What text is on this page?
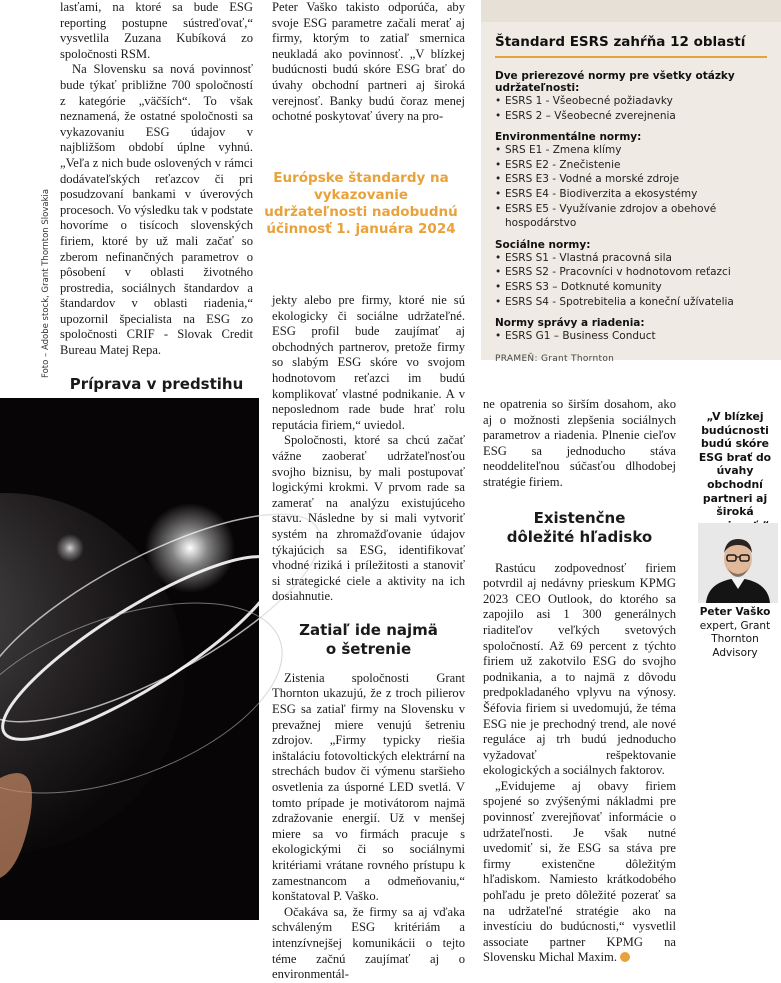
Foto – Adobe stock, Grant Thornton Slovakia

lasťami, na ktoré sa bude ESG reporting postupne sústreďovať,“ vysvetlila Zuzana Kubíková zo spoločnosti RSM.

Na Slovensku sa nová povinnosť bude týkať približne 700 spoločností z kategórie „väčších“. To však neznamená, že ostatné spoločnosti sa vykazovaniu ESG údajov v najbližšom období úplne vyhnú. „Veľa z nich bude oslovených v rámci dodávateľských reťazcov či pri posudzovaní bankami v úverových procesoch. Vo výsledku tak v podstate hovoríme o tisícoch slovenských firiem, ktoré by už mali začať so zberom nefinančných parametrov o pôsobení v oblasti životného prostredia, sociálnych štandardov a štandardov v oblasti riadenia,“ upozornil špecialista na ESG zo spoločnosti CRIF - Slovak Credit Bureau Matej Repa.

Príprava v predstihu

Peter Vaško takisto odporúča, aby svoje ESG parametre začali merať aj firmy, ktorým to zatiaľ smernica neukladá ako povinnosť. „V blízkej budúcnosti budú skóre ESG brať do úvahy obchodní partneri aj široká verejnosť. Banky budú čoraz menej ochotné poskytovať úvery na pro-

Európske štandardy na vykazovanie udržateľnosti nadobudnú účinnosť 1. januára 2024

jekty alebo pre firmy, ktoré nie sú ekologicky či sociálne udržateľné. ESG profil bude zaujímať aj obchodných partnerov, pretože firmy so slabým ESG skóre vo svojom hodnotovom reťazci im budú komplikovať vlastné podnikanie. A v neposlednom rade bude hrať rolu reputácia firiem,“ uviedol.

Spoločnosti, ktoré sa chcú začať vážne zaoberať udržateľnosťou svojho biznisu, by mali postupovať logickými krokmi. V prvom rade sa zamerať na analýzu existujúceho stavu. Následne by si mali vytvoriť systém na zhromažďovanie údajov týkajúcich sa ESG, identifikovať vhodné riziká i príležitosti a stanoviť si strategické ciele a aktivity na ich dosiahnutie.

Zatiaľ ide najmä o šetrenie

Zistenia spoločnosti Grant Thornton ukazujú, že z troch pilierov ESG sa zatiaľ firmy na Slovensku v prevažnej miere venujú šetreniu zdrojov. „Firmy typicky riešia inštaláciu fotovoltických elektrární na strechách budov či výmenu staršieho osvetlenia za úsporné LED svetlá. V tomto prípade je motivátorom najmä zdražovanie energií. Už v menšej miere sa vo firmách pracuje s ekologickými či so sociálnymi kritériami vrátane rovného prístupu k zamestnancom a odmeňovaniu,“ konštatoval P. Vaško.

Očakáva sa, že firmy sa aj vďaka schváleným ESG kritériám a intenzívnejšej komunikácii o tejto téme začnú zaujímať aj o environmentál-

Štandard ESRS zahŕňa 12 oblastí
Dve prierezové normy pre všetky otázky udržateľnosti:
• ESRS 1 - Všeobecné požiadavky
• ESRS 2 – Všeobecné zverejnenia
Environmentálne normy:
• SRS E1 - Zmena klímy
• ESRS E2 - Znečistenie
• ESRS E3 - Vodné a morské zdroje
• ESRS E4 - Biodiverzita a ekosystémy
• ESRS E5 - Využívanie zdrojov a obehové hospodárstvo
Sociálne normy:
• ESRS S1 - Vlastná pracovná sila
• ESRS S2 - Pracovníci v hodnotovom reťazci
• ESRS S3 – Dotknuté komunity
• ESRS S4 - Spotrebitelia a koneční užívatelia
Normy správy a riadenia:
• ESRS G1 – Business Conduct
PRAMEŇ: Grant Thornton

ne opatrenia so širším dosahom, ako aj o možnosti zlepšenia sociálnych parametrov a riadenia. Plnenie cieľov ESG sa jednoducho stáva neoddeliteľnou súčasťou dlhodobej stratégie firiem.

Existenčne dôležité hľadisko

Rastúcu zodpovednosť firiem potvrdil aj nedávny prieskum KPMG 2023 CEO Outlook, do ktorého sa zapojilo asi 1 300 generálnych riaditeľov veľkých svetových spoločností. Až 69 percent z týchto firiem už zakotvilo ESG do svojho podnikania, a to najmä z dôvodu predpokladaného vplyvu na výnosy. Šéfovia firiem si uvedomujú, že téma ESG nie je prechodný trend, ale nové reguláce aj trh budú jednoducho vyžadovať rešpektovanie ekologických a sociálnych faktorov.

„Evidujeme aj obavy firiem spojené so zvýšenými nákladmi pre povinnosť zverejňovať informácie o udržateľnosti. Je však nutné uvedomiť si, že ESG sa stáva pre firmy existenčne dôležitým hľadiskom. Namiesto krátkodobého pohľadu je preto dôležité pozerať sa na udržateľné stratégie ako na investíciu do budúcnosti,“ vysvetlil associate partner KPMG na Slovensku Michal Maxim.

„V blízkej budúcnosti budú skóre ESG brať do úvahy obchodní partneri aj široká
Peter Vaško
expert, Grant Thornton Advisory
